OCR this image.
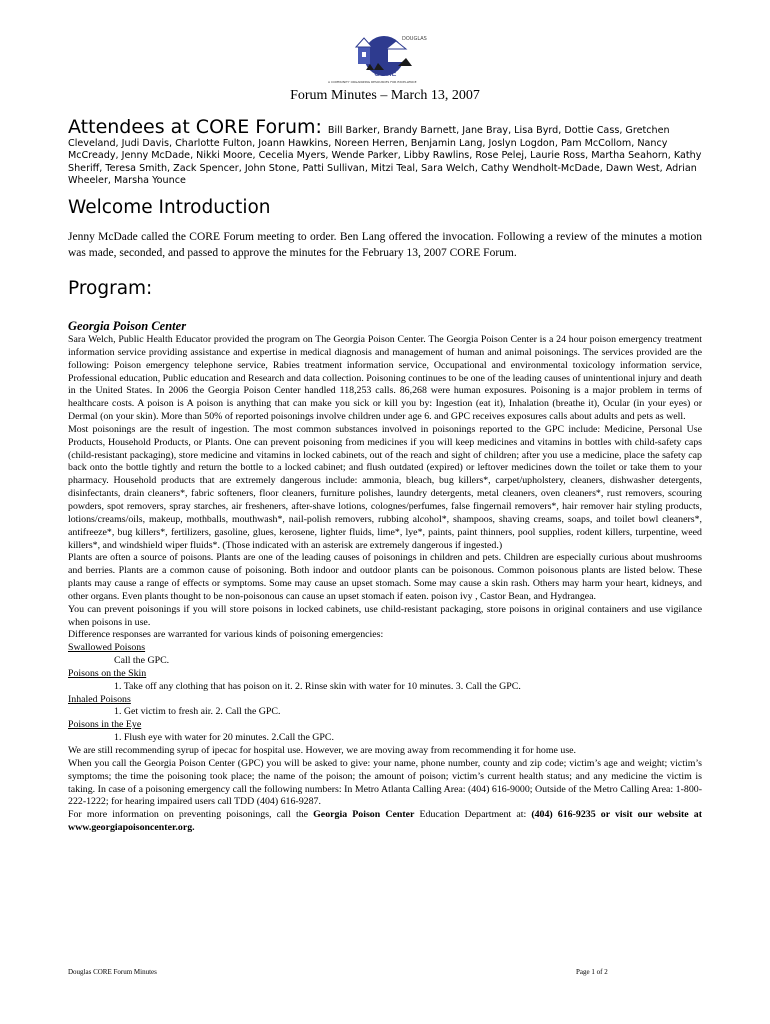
DOUGLAS
CORE
A COMMUNITY ORGANIZING RESOURCES FOR EXCELLENCE
Forum Minutes – March 13, 2007
Attendees at CORE Forum: Bill Barker, Brandy Barnett, Jane Bray, Lisa Byrd, Dottie Cass, Gretchen Cleveland, Judi Davis, Charlotte Fulton, Joann Hawkins, Noreen Herren, Benjamin Lang, Joslyn Logdon, Pam McCollom, Nancy McCready, Jenny McDade, Nikki Moore, Cecelia Myers, Wende Parker, Libby Rawlins, Rose Pelej, Laurie Ross, Martha Seahorn, Kathy Sheriff, Teresa Smith, Zack Spencer, John Stone, Patti Sullivan, Mitzi Teal, Sara Welch, Cathy Wendholt-McDade, Dawn West, Adrian Wheeler, Marsha Younce
Welcome Introduction
Jenny McDade called the CORE Forum meeting to order. Ben Lang offered the invocation. Following a review of the minutes a motion was made, seconded, and passed to approve the minutes for the February 13, 2007 CORE Forum.
Program:

Georgia Poison Center

Sara Welch, Public Health Educator provided the program on The Georgia Poison Center. The Georgia Poison Center is a 24 hour poison emergency treatment information service providing assistance and expertise in medical diagnosis and management of human and animal poisonings. The services provided are the following: Poison emergency telephone service, Rabies treatment information service, Occupational and environmental toxicology information service, Professional education, Public education and Research and data collection. Poisoning continues to be one of the leading causes of unintentional injury and death in the United States. In 2006 the Georgia Poison Center handled 118,253 calls. 86,268 were human exposures. Poisoning is a major problem in terms of healthcare costs. A poison is A poison is anything that can make you sick or kill you by: Ingestion (eat it), Inhalation (breathe it), Ocular (in your eyes) or Dermal (on your skin). More than 50% of reported poisonings involve children under age 6. and GPC receives exposures calls about adults and pets as well.

Most poisonings are the result of ingestion. The most common substances involved in poisonings reported to the GPC include: Medicine, Personal Use Products, Household Products, or Plants. One can prevent poisoning from medicines if you will keep medicines and vitamins in bottles with child-safety caps (child-resistant packaging), store medicine and vitamins in locked cabinets, out of the reach and sight of children; after you use a medicine, place the safety cap back onto the bottle tightly and return the bottle to a locked cabinet; and flush outdated (expired) or leftover medicines down the toilet or take them to your pharmacy. Household products that are extremely dangerous include: ammonia, bleach, bug killers*, carpet/upholstery, cleaners, dishwasher detergents, disinfectants, drain cleaners*, fabric softeners, floor cleaners, furniture polishes, laundry detergents, metal cleaners, oven cleaners*, rust removers, scouring powders, spot removers, spray starches, air fresheners, after-shave lotions, colognes/perfumes, false fingernail removers*, hair remover hair styling products, lotions/creams/oils, makeup, mothballs, mouthwash*, nail-polish removers, rubbing alcohol*, shampoos, shaving creams, soaps, and toilet bowl cleaners*, antifreeze*, bug killers*, fertilizers, gasoline, glues, kerosene, lighter fluids, lime*, lye*, paints, paint thinners, pool supplies, rodent killers, turpentine, weed killers*, and windshield wiper fluids*. (Those indicated with an asterisk are extremely dangerous if ingested.)

Plants are often a source of poisons. Plants are one of the leading causes of poisonings in children and pets. Children are especially curious about mushrooms and berries. Plants are a common cause of poisoning. Both indoor and outdoor plants can be poisonous. Common poisonous plants are listed below. These plants may cause a range of effects or symptoms. Some may cause an upset stomach. Some may cause a skin rash. Others may harm your heart, kidneys, and other organs. Even plants thought to be non-poisonous can cause an upset stomach if eaten. poison ivy , Castor Bean, and Hydrangea.

You can prevent poisonings if you will store poisons in locked cabinets, use child-resistant packaging, store poisons in original containers and use vigilance when poisons in use.

Difference responses are warranted for various kinds of poisoning emergencies:

Swallowed Poisons

Call the GPC.

Poisons on the Skin

1. Take off any clothing that has poison on it. 2. Rinse skin with water for 10 minutes. 3. Call the GPC.

Inhaled Poisons

1. Get victim to fresh air. 2. Call the GPC.

Poisons in the Eye

1. Flush eye with water for 20 minutes. 2.Call the GPC.

We are still recommending syrup of ipecac for hospital use. However, we are moving away from recommending it for home use.

When you call the Georgia Poison Center (GPC) you will be asked to give: your name, phone number, county and zip code; victim’s age and weight; victim’s symptoms; the time the poisoning took place; the name of the poison; the amount of poison; victim’s current health status; and any medicine the victim is taking. In case of a poisoning emergency call the following numbers: In Metro Atlanta Calling Area: (404) 616-9000; Outside of the Metro Calling Area: 1-800-222-1222; for hearing impaired users call TDD (404) 616-9287.

For more information on preventing poisonings, call the Georgia Poison Center Education Department at: (404) 616-9235 or visit our website at www.georgiapoisoncenter.org.

Douglas CORE Forum Minutes	Page 1 of 2
